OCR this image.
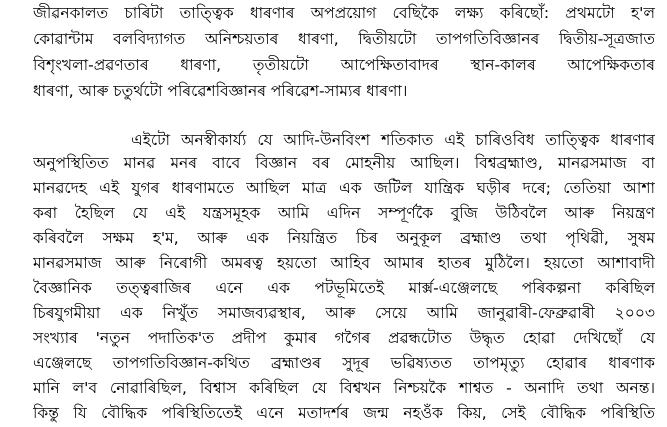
জীৱনকালত চাৰিটা তাত্ত্বিক ধাৰণাৰ অপপ্ৰয়োগ বেছিকৈ লক্ষ্য কৰিছোঁ: প্ৰথমটো হ'ল
কোৱান্টাম বলবিদ্যাগত অনিশ্চয়তাৰ ধাৰণা, দ্বিতীয়টো তাপগতিবিজ্ঞানৰ দ্বিতীয়-সূত্ৰজাত
বিশৃংখলা-প্ৰৱণতাৰ ধাৰণা, তৃতীয়টো আপেক্ষিতাবাদৰ স্থান-কালৰ আপেক্ষিকতাৰ
ধাৰণা, আৰু চতুৰ্থটো পৰিৱেশবিজ্ঞানৰ পৰিৱেশ-সাম্যৰ ধাৰণা।
এইটো অনস্বীকাৰ্য্য যে আদি-উনবিংশ শতিকাত এই চাৰিওবিধ তাত্ত্বিক ধাৰণাৰ
অনুপস্থিতিত মানৱ মনৰ বাবে বিজ্ঞান বৰ মোহনীয় আছিল। বিশ্বব্ৰহ্মাণ্ড, মানৱসমাজ বা
মানৱদেহ এই যুগৰ ধাৰণামতে আছিল মাত্ৰ এক জটিল যান্ত্ৰিক ঘড়ীৰ দৰে; তেতিয়া আশা
কৰা হৈছিল যে এই যন্ত্ৰসমূহক আমি এদিন সম্পূৰ্ণকৈ বুজি উঠিবলৈ আৰু নিয়ন্ত্ৰণ
কৰিবলৈ সক্ষম হ'ম, আৰু এক নিয়ন্ত্ৰিত চিৰ অনুকূল ব্ৰহ্মাণ্ড তথা পৃথিৱী, সুষম
মানৱসমাজ আৰু নিৰোগী অমৰত্ব হয়তো আহিব আমাৰ হাতৰ মুঠিলৈ। হয়তো আশাবাদী
বৈজ্ঞানিক তত্ত্বৰাজিৰ এনে এক পটভূমিতেই মাৰ্ক্স-এঞ্জেলছে পৰিকল্পনা কৰিছিল
চিৰযুগমীয়া এক নিখুঁত সমাজব্যৱস্থাৰ, আৰু সেয়ে আমি জানুৱাৰী-ফেব্ৰুৱাৰী ২০০৩
সংখ্যাৰ 'নতুন পদাতিক'ত প্ৰদীপ কুমাৰ গগৈৰ প্ৰৱন্ধটোত উদ্ধৃত হোৱা দেখিছোঁ যে
এঞ্জেলছে তাপগতিবিজ্ঞান-কথিত ব্ৰহ্মাণ্ডৰ সুদূৰ ভৱিষ্যতত তাপমৃত্যু হোৱাৰ ধাৰণাক
মানি ল'ব নোৱাৰিছিল, বিশ্বাস কৰিছিল যে বিশ্বখন নিশ্চয়কৈ শাশ্বত - অনাদি তথা অনন্ত।
কিন্তু যি বৌদ্ধিক পৰিস্থিতিতেই এনে মতাদৰ্শৰ জন্ম নহওঁক কিয়, সেই বৌদ্ধিক পৰিস্থিতি
